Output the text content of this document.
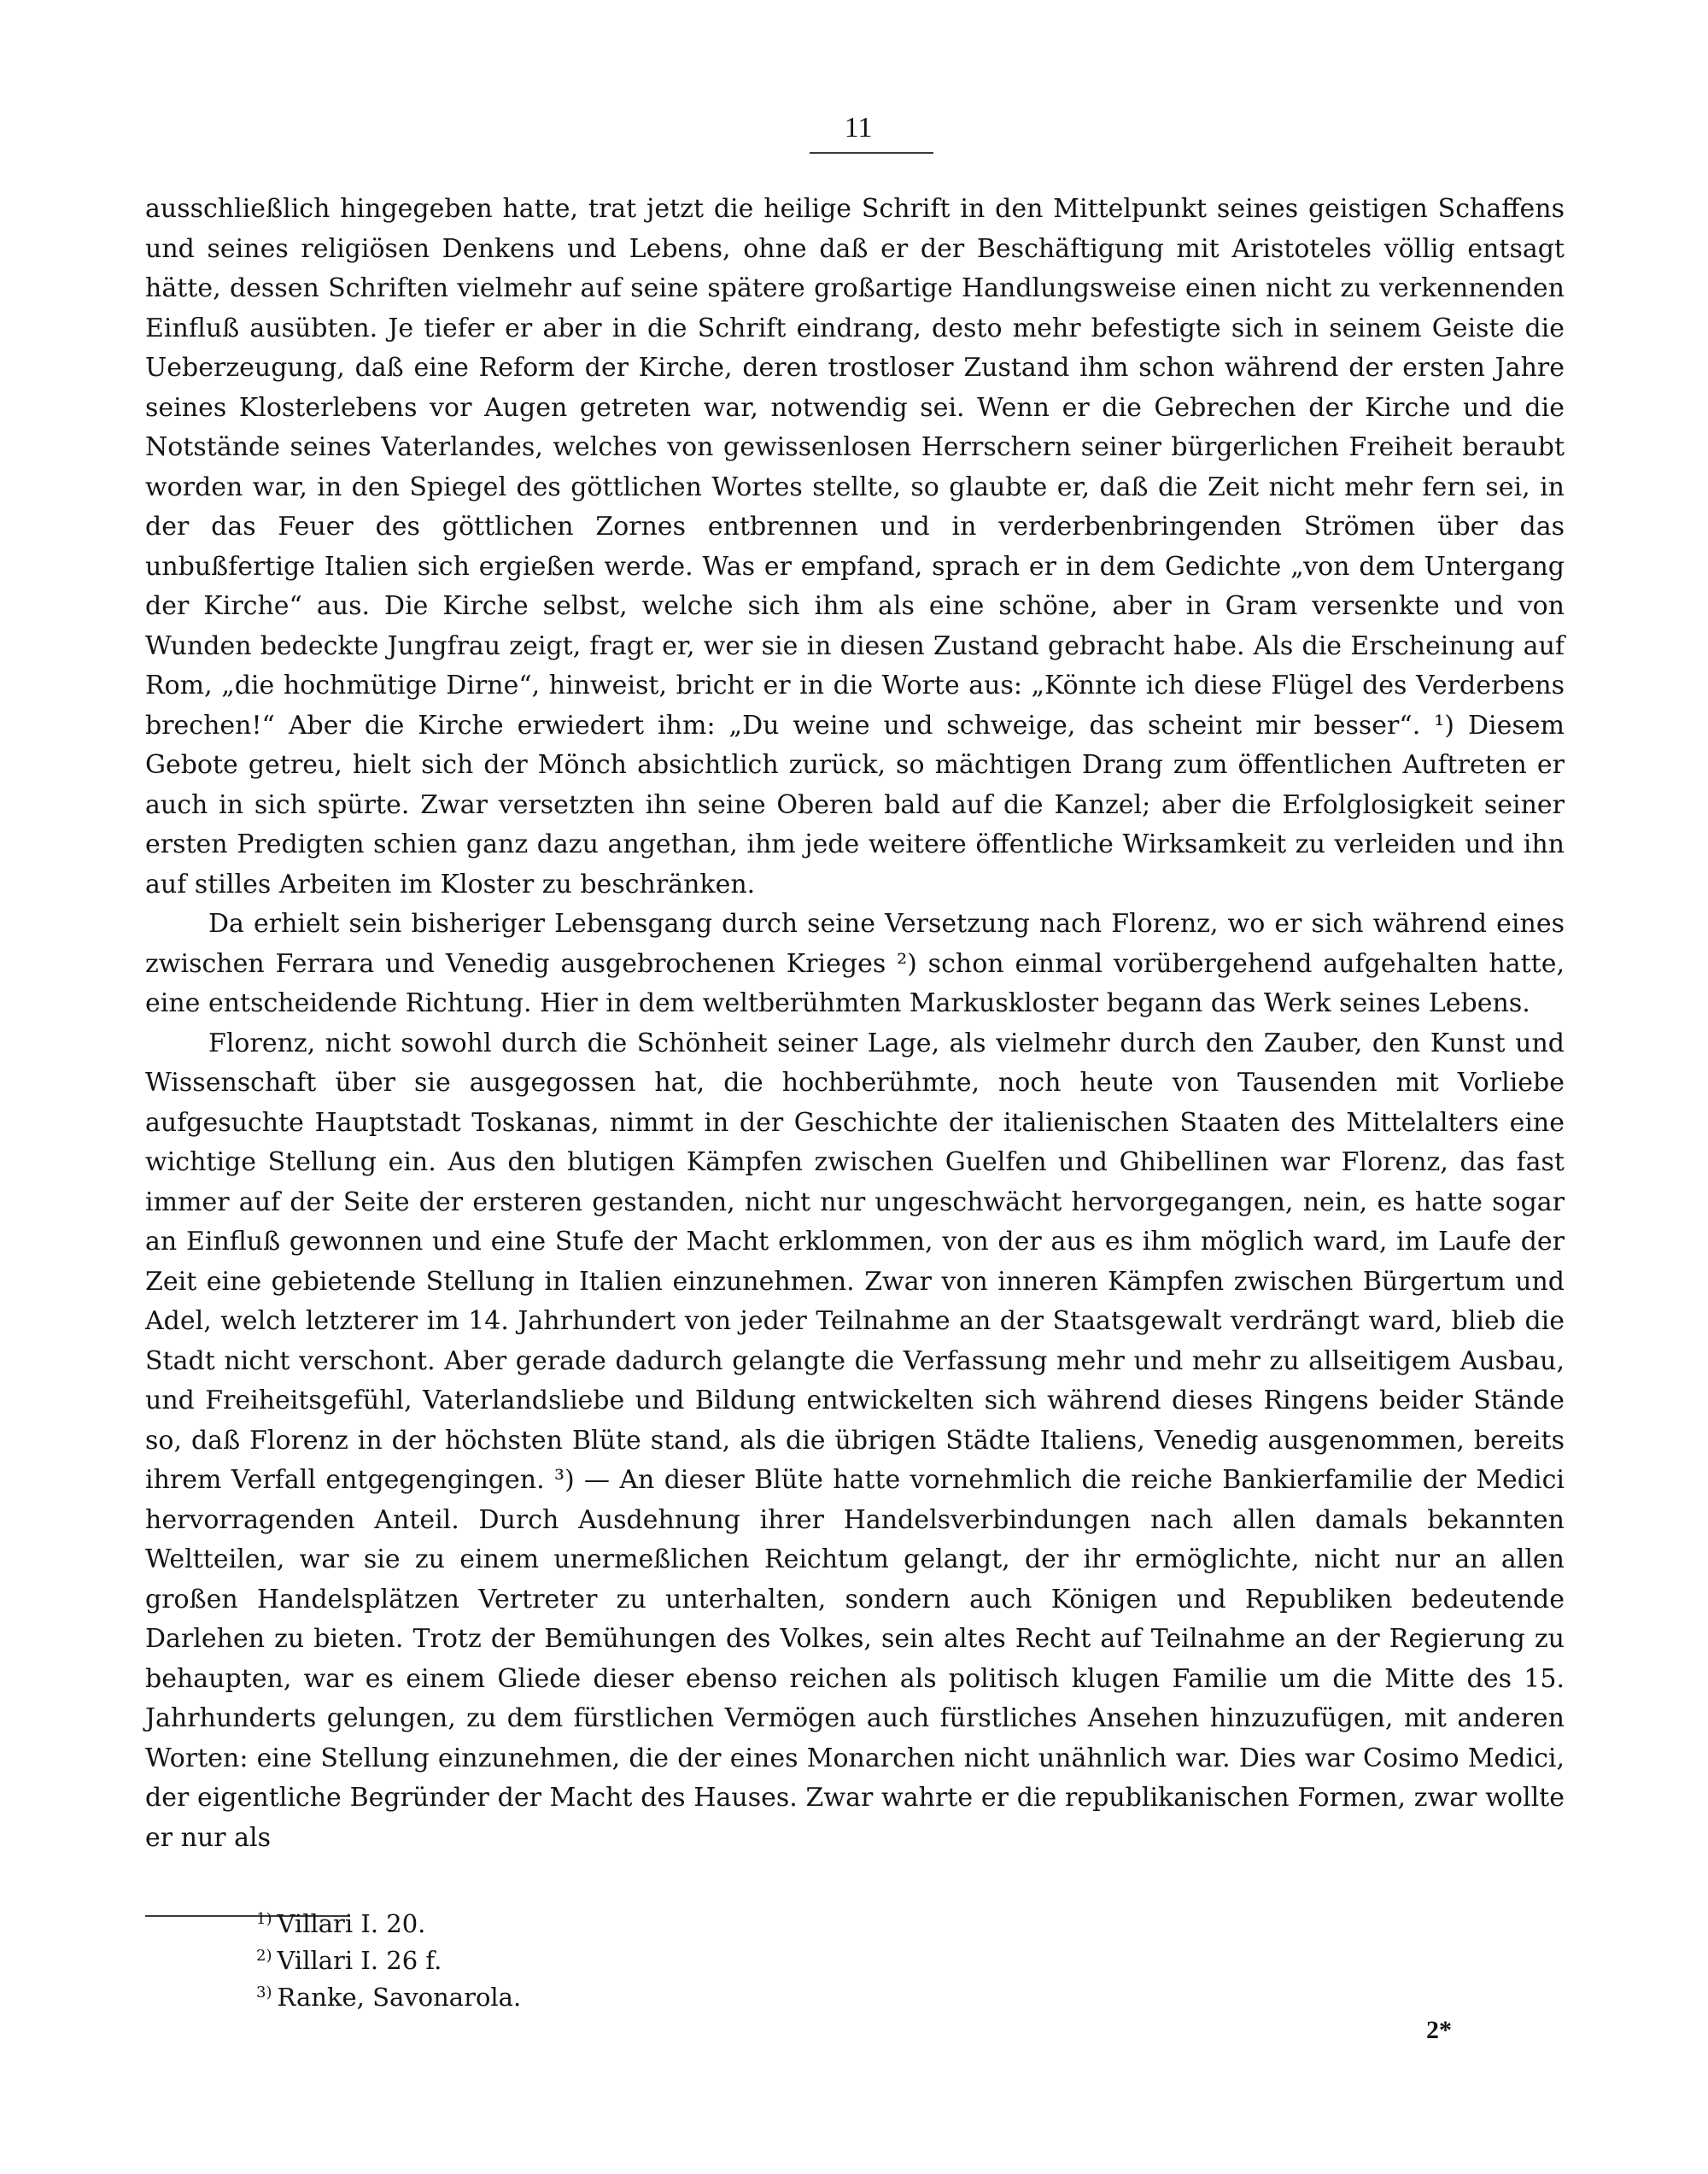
11

ausschließlich hingegeben hatte, trat jetzt die heilige Schrift in den Mittelpunkt seines geistigen Schaffens und seines religiösen Denkens und Lebens, ohne daß er der Beschäftigung mit Aristoteles völlig entsagt hätte, dessen Schriften vielmehr auf seine spätere großartige Handlungsweise einen nicht zu verkennenden Einfluß ausübten. Je tiefer er aber in die Schrift eindrang, desto mehr befestigte sich in seinem Geiste die Ueberzeugung, daß eine Reform der Kirche, deren trostloser Zustand ihm schon während der ersten Jahre seines Klosterlebens vor Augen getreten war, notwendig sei. Wenn er die Gebrechen der Kirche und die Notstände seines Vaterlandes, welches von gewissenlosen Herrschern seiner bürgerlichen Freiheit beraubt worden war, in den Spiegel des göttlichen Wortes stellte, so glaubte er, daß die Zeit nicht mehr fern sei, in der das Feuer des göttlichen Zornes entbrennen und in verderbenbringenden Strömen über das unbußfertige Italien sich ergießen werde. Was er empfand, sprach er in dem Gedichte „von dem Untergang der Kirche“ aus. Die Kirche selbst, welche sich ihm als eine schöne, aber in Gram versenkte und von Wunden bedeckte Jungfrau zeigt, fragt er, wer sie in diesen Zustand gebracht habe. Als die Erscheinung auf Rom, „die hochmütige Dirne“, hinweist, bricht er in die Worte aus: „Könnte ich diese Flügel des Verderbens brechen!“ Aber die Kirche erwiedert ihm: „Du weine und schweige, das scheint mir besser“. ¹) Diesem Gebote getreu, hielt sich der Mönch absichtlich zurück, so mächtigen Drang zum öffentlichen Auftreten er auch in sich spürte. Zwar versetzten ihn seine Oberen bald auf die Kanzel; aber die Erfolglosigkeit seiner ersten Predigten schien ganz dazu angethan, ihm jede weitere öffentliche Wirksamkeit zu verleiden und ihn auf stilles Arbeiten im Kloster zu beschränken.

Da erhielt sein bisheriger Lebensgang durch seine Versetzung nach Florenz, wo er sich während eines zwischen Ferrara und Venedig ausgebrochenen Krieges ²) schon einmal vorübergehend aufgehalten hatte, eine entscheidende Richtung. Hier in dem weltberühmten Markuskloster begann das Werk seines Lebens.

Florenz, nicht sowohl durch die Schönheit seiner Lage, als vielmehr durch den Zauber, den Kunst und Wissenschaft über sie ausgegossen hat, die hochberühmte, noch heute von Tausenden mit Vorliebe aufgesuchte Hauptstadt Toskanas, nimmt in der Geschichte der italienischen Staaten des Mittelalters eine wichtige Stellung ein. Aus den blutigen Kämpfen zwischen Guelfen und Ghibellinen war Florenz, das fast immer auf der Seite der ersteren gestanden, nicht nur ungeschwächt hervorgegangen, nein, es hatte sogar an Einfluß gewonnen und eine Stufe der Macht erklommen, von der aus es ihm möglich ward, im Laufe der Zeit eine gebietende Stellung in Italien einzunehmen. Zwar von inneren Kämpfen zwischen Bürgertum und Adel, welch letzterer im 14. Jahrhundert von jeder Teilnahme an der Staatsgewalt verdrängt ward, blieb die Stadt nicht verschont. Aber gerade dadurch gelangte die Verfassung mehr und mehr zu allseitigem Ausbau, und Freiheitsgefühl, Vaterlandsliebe und Bildung entwickelten sich während dieses Ringens beider Stände so, daß Florenz in der höchsten Blüte stand, als die übrigen Städte Italiens, Venedig ausgenommen, bereits ihrem Verfall entgegengingen. ³) — An dieser Blüte hatte vornehmlich die reiche Bankierfamilie der Medici hervorragenden Anteil. Durch Ausdehnung ihrer Handelsverbindungen nach allen damals bekannten Weltteilen, war sie zu einem unermeßlichen Reichtum gelangt, der ihr ermöglichte, nicht nur an allen großen Handelsplätzen Vertreter zu unterhalten, sondern auch Königen und Republiken bedeutende Darlehen zu bieten. Trotz der Bemühungen des Volkes, sein altes Recht auf Teilnahme an der Regierung zu behaupten, war es einem Gliede dieser ebenso reichen als politisch klugen Familie um die Mitte des 15. Jahrhunderts gelungen, zu dem fürstlichen Vermögen auch fürstliches Ansehen hinzuzufügen, mit anderen Worten: eine Stellung einzunehmen, die der eines Monarchen nicht unähnlich war. Dies war Cosimo Medici, der eigentliche Begründer der Macht des Hauses. Zwar wahrte er die republikanischen Formen, zwar wollte er nur als

$^{1)}$ Villari I. 20.
$^{2)}$ Villari I. 26 f.
$^{3)}$ Ranke, Savonarola.
2*
